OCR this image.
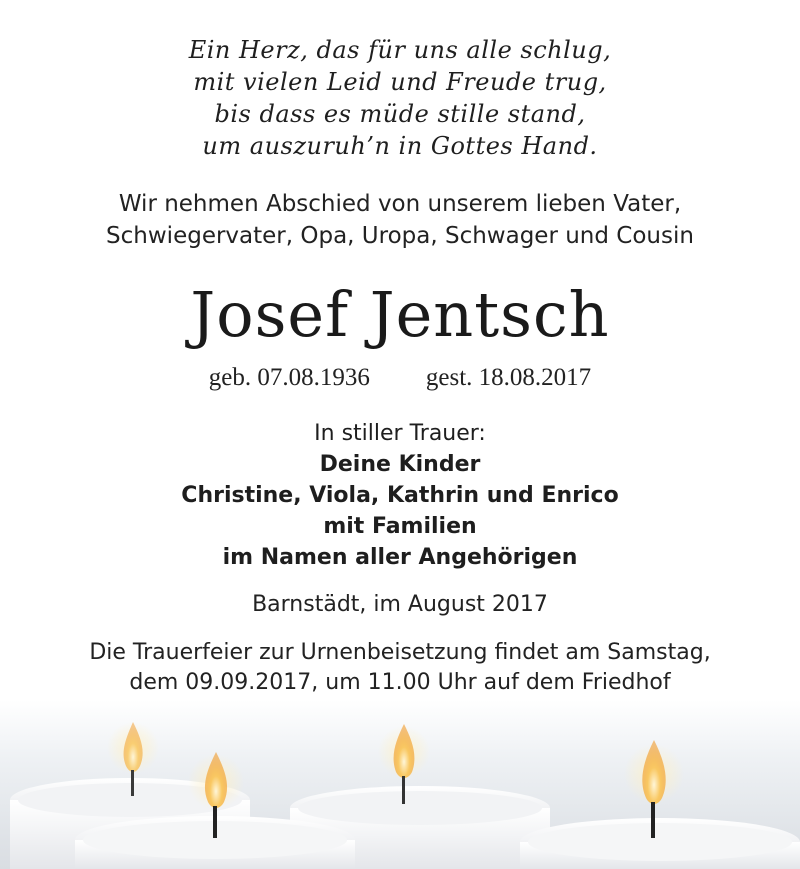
Ein Herz, das für uns alle schlug,
mit vielen Leid und Freude trug,
bis dass es müde stille stand,
um auszuruh’n in Gottes Hand.
Wir nehmen Abschied von unserem lieben Vater,
Schwiegervater, Opa, Uropa, Schwager und Cousin
Josef Jentsch
geb. 07.08.1936 gest. 18.08.2017
In stiller Trauer:
Deine Kinder
Christine, Viola, Kathrin und Enrico
mit Familien
im Namen aller Angehörigen
Barnstädt, im August 2017
Die Trauerfeier zur Urnenbeisetzung findet am Samstag,
dem 09.09.2017, um 11.00 Uhr auf dem Friedhof
